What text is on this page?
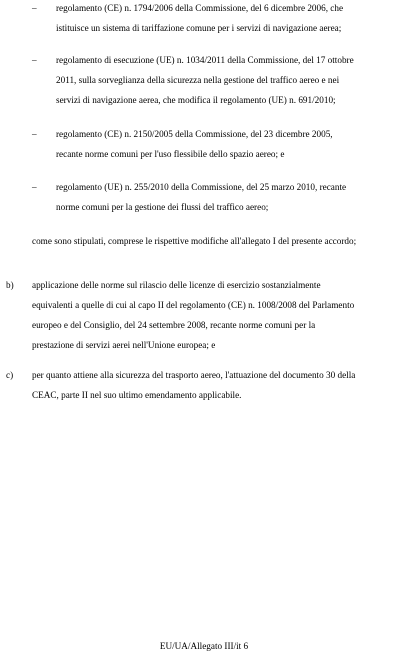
– regolamento (CE) n. 1794/2006 della Commissione, del 6 dicembre 2006, che
istituisce un sistema di tariffazione comune per i servizi di navigazione aerea;
– regolamento di esecuzione (UE) n. 1034/2011 della Commissione, del 17 ottobre
2011, sulla sorveglianza della sicurezza nella gestione del traffico aereo e nei
servizi di navigazione aerea, che modifica il regolamento (UE) n. 691/2010;
– regolamento (CE) n. 2150/2005 della Commissione, del 23 dicembre 2005,
recante norme comuni per l'uso flessibile dello spazio aereo; e
– regolamento (UE) n. 255/2010 della Commissione, del 25 marzo 2010, recante
norme comuni per la gestione dei flussi del traffico aereo;
come sono stipulati, comprese le rispettive modifiche all'allegato I del presente accordo;
b) applicazione delle norme sul rilascio delle licenze di esercizio sostanzialmente
equivalenti a quelle di cui al capo II del regolamento (CE) n. 1008/2008 del Parlamento
europeo e del Consiglio, del 24 settembre 2008, recante norme comuni per la
prestazione di servizi aerei nell'Unione europea; e
c) per quanto attiene alla sicurezza del trasporto aereo, l'attuazione del documento 30 della
CEAC, parte II nel suo ultimo emendamento applicabile.
EU/UA/Allegato III/it 6
